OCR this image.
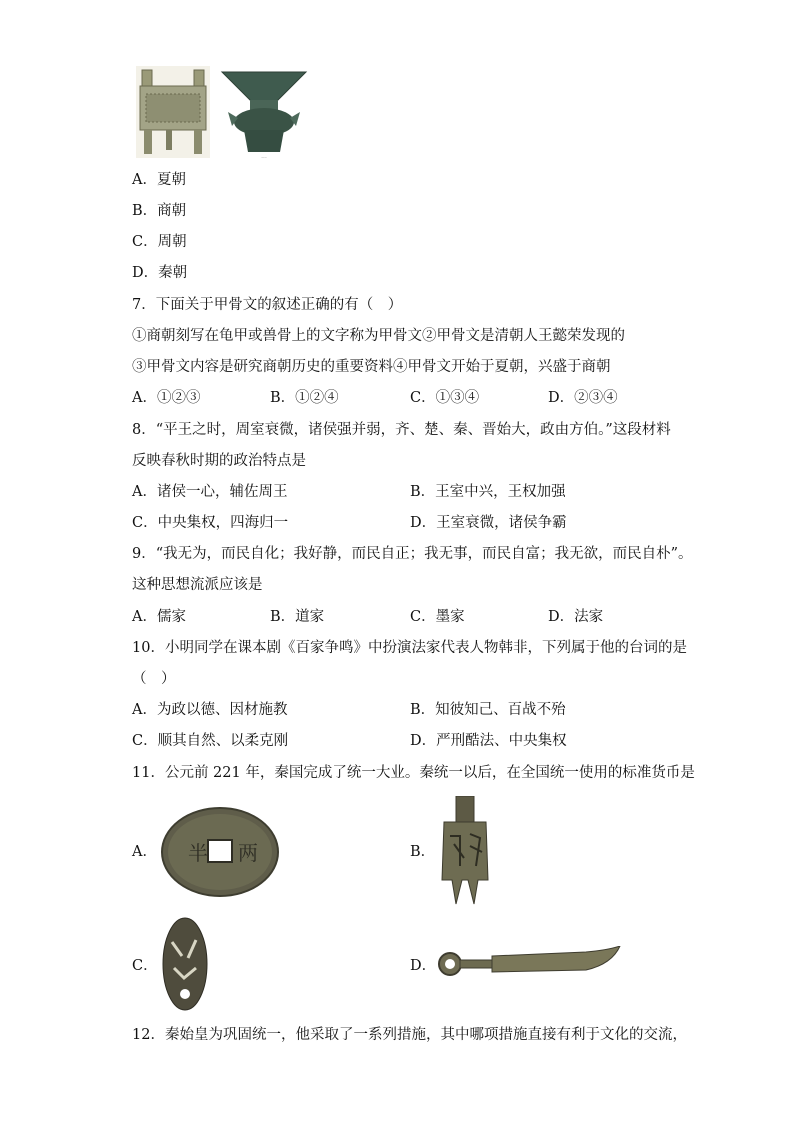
...
A．夏朝
B．商朝
C．周朝
D．秦朝
7．下面关于甲骨文的叙述正确的有（　）
①商朝刻写在龟甲或兽骨上的文字称为甲骨文②甲骨文是清朝人王懿荣发现的
③甲骨文内容是研究商朝历史的重要资料④甲骨文开始于夏朝，兴盛于商朝
A．①②③	B．①②④	C．①③④	D．②③④
8．“平王之时，周室衰微，诸侯强并弱，齐、楚、秦、晋始大，政由方伯。”这段材料
反映春秋时期的政治特点是
A．诸侯一心，辅佐周王	B．王室中兴，王权加强
C．中央集权，四海归一	D．王室衰微，诸侯争霸
9．“我无为，而民自化；我好静，而民自正；我无事，而民自富；我无欲，而民自朴”。
这种思想流派应该是
A．儒家	B．道家	C．墨家	D．法家
10．小明同学在课本剧《百家争鸣》中扮演法家代表人物韩非，下列属于他的台词的是
（　）
A．为政以德、因材施教	B．知彼知己、百战不殆
C．顺其自然、以柔克刚	D．严刑酷法、中央集权
11．公元前 221 年，秦国完成了统一大业。秦统一以后，在全国统一使用的标准货币是
A． 半 两	B．
C．	D．
12．秦始皇为巩固统一，他采取了一系列措施，其中哪项措施直接有利于文化的交流，
